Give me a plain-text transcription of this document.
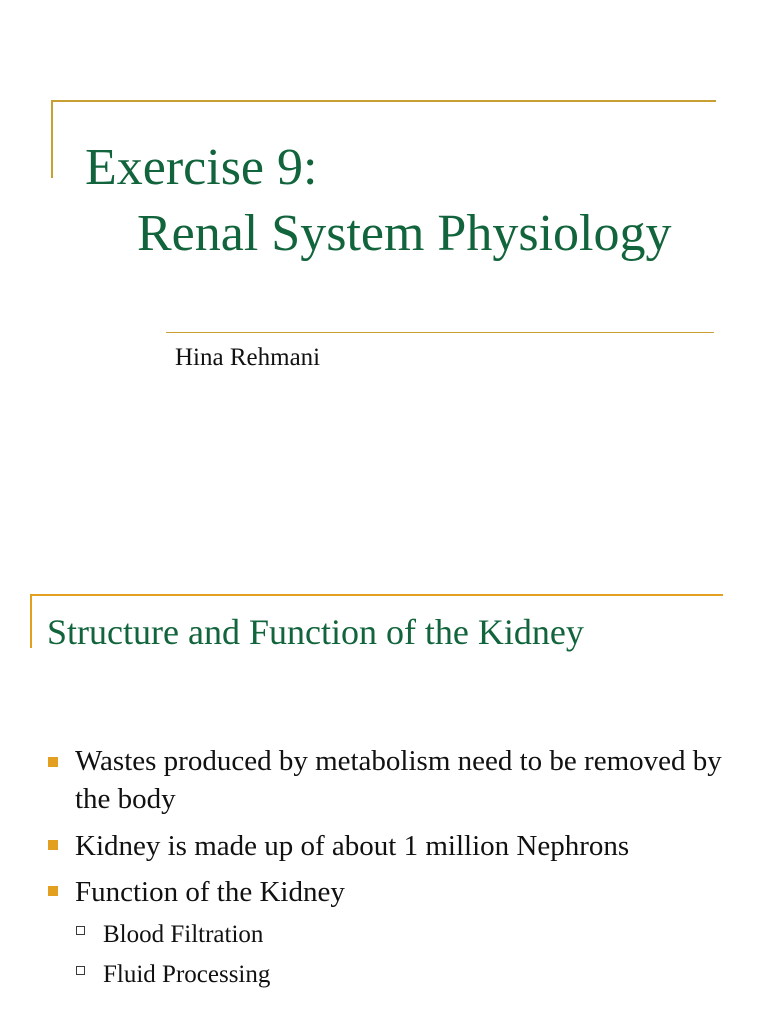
Exercise 9:
Renal System Physiology
Hina Rehmani
Structure and Function of the Kidney
Wastes produced by metabolism need to be removed by the body
Kidney is made up of about 1 million Nephrons
Function of the Kidney
Blood Filtration
Fluid Processing
